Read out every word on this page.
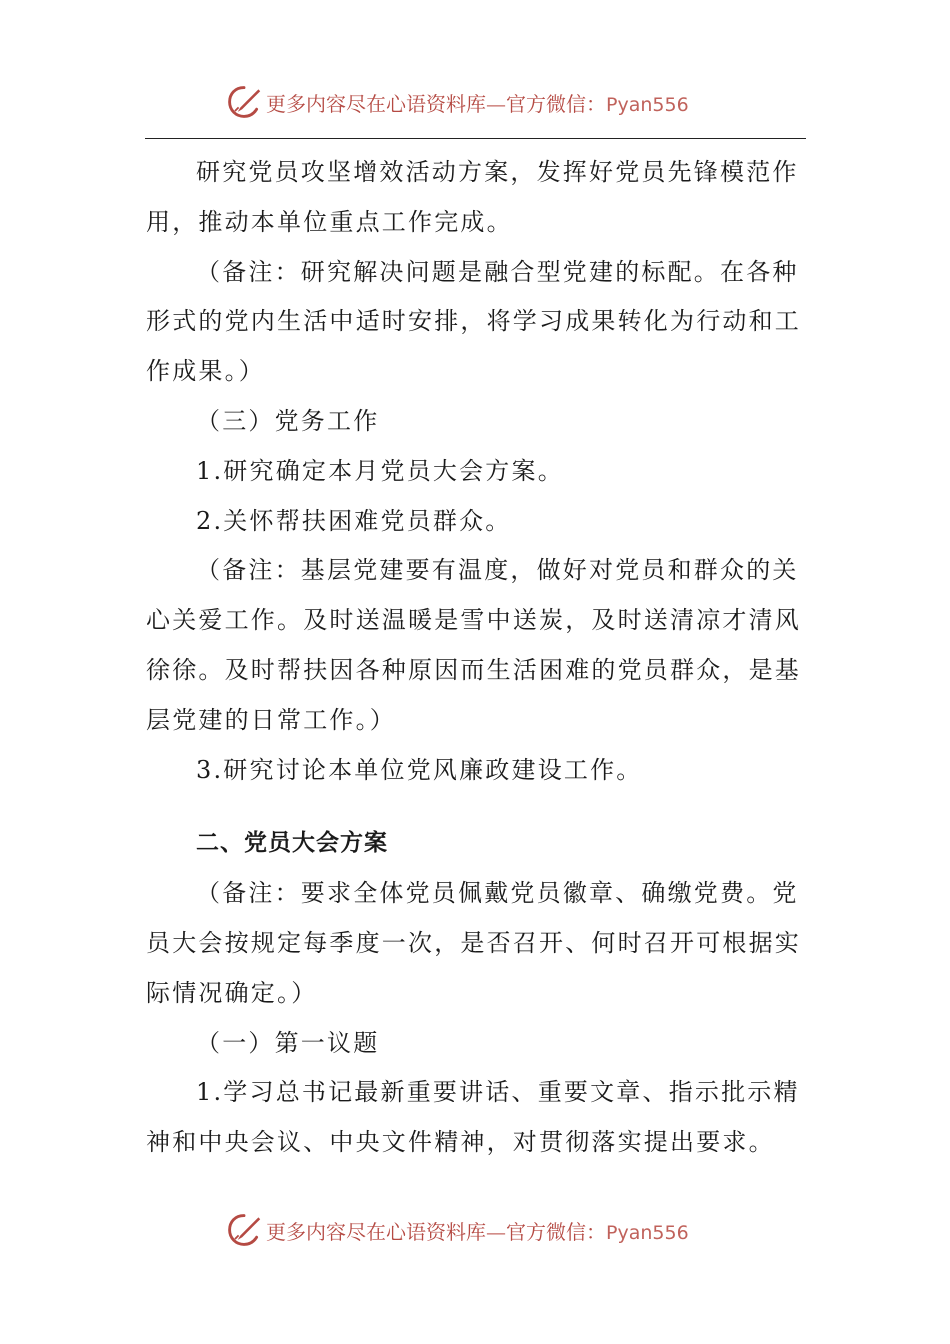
更多内容尽在心语资料库—官方微信：Pyan556
研究党员攻坚增效活动方案，发挥好党员先锋模范作
用，推动本单位重点工作完成。
（备注：研究解决问题是融合型党建的标配。在各种
形式的党内生活中适时安排，将学习成果转化为行动和工
作成果。）
（三）党务工作
1.研究确定本月党员大会方案。
2.关怀帮扶困难党员群众。
（备注：基层党建要有温度，做好对党员和群众的关
心关爱工作。及时送温暖是雪中送炭，及时送清凉才清风
徐徐。及时帮扶因各种原因而生活困难的党员群众，是基
层党建的日常工作。）
3.研究讨论本单位党风廉政建设工作。
二、党员大会方案
（备注：要求全体党员佩戴党员徽章、确缴党费。党
员大会按规定每季度一次，是否召开、何时召开可根据实
际情况确定。）
（一）第一议题
1.学习总书记最新重要讲话、重要文章、指示批示精
神和中央会议、中央文件精神，对贯彻落实提出要求。
更多内容尽在心语资料库—官方微信：Pyan556
